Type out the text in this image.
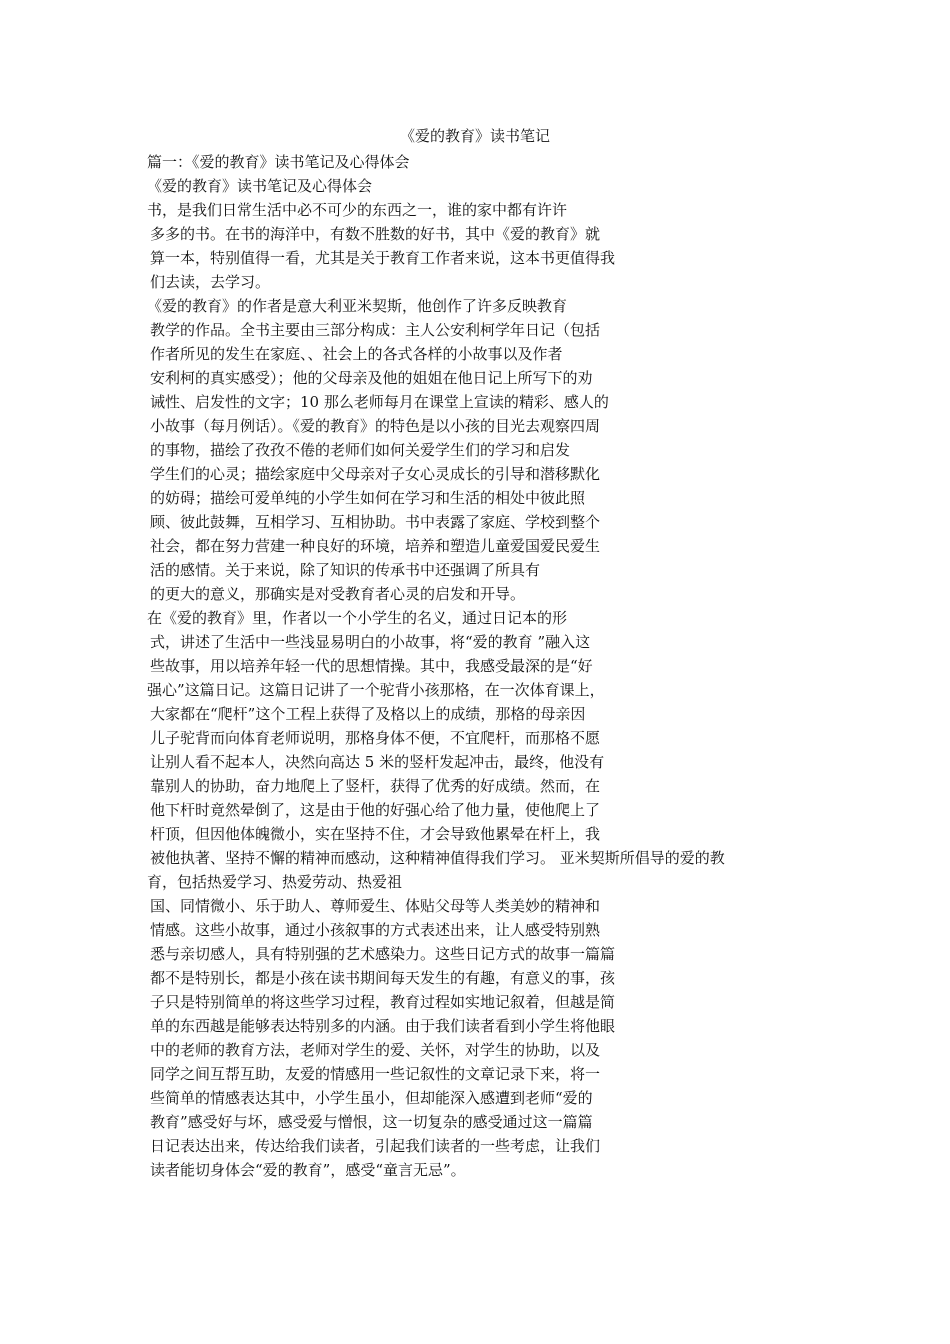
《爱的教育》读书笔记
篇一：《爱的教育》读书笔记及心得体会
《爱的教育》读书笔记及心得体会
书，是我们日常生活中必不可少的东西之一，谁的家中都有许许
多多的书。在书的海洋中，有数不胜数的好书，其中《爱的教育》就
算一本，特别值得一看，尤其是关于教育工作者来说，这本书更值得我
们去读，去学习。
《爱的教育》的作者是意大利亚米契斯，他创作了许多反映教育
教学的作品。全书主要由三部分构成：主人公安利柯学年日记（包括
作者所见的发生在家庭、、社会上的各式各样的小故事以及作者
安利柯的真实感受）；他的父母亲及他的姐姐在他日记上所写下的劝
诫性、启发性的文字；10 那么老师每月在课堂上宣读的精彩、感人的
小故事（每月例话）。《爱的教育》的特色是以小孩的目光去观察四周
的事物，描绘了孜孜不倦的老师们如何关爱学生们的学习和启发
学生们的心灵；描绘家庭中父母亲对子女心灵成长的引导和潜移默化
的妨碍；描绘可爱单纯的小学生如何在学习和生活的相处中彼此照
顾、彼此鼓舞，互相学习、互相协助。书中表露了家庭、学校到整个
社会，都在努力营建一种良好的环境，培养和塑造儿童爱国爱民爱生
活的感情。关于来说，除了知识的传承书中还强调了所具有
的更大的意义，那确实是对受教育者心灵的启发和开导。
在《爱的教育》里，作者以一个小学生的名义，通过日记本的形
式，讲述了生活中一些浅显易明白的小故事，将“爱的教育 ”融入这
些故事，用以培养年轻一代的思想情操。其中，我感受最深的是“好
强心”这篇日记。这篇日记讲了一个驼背小孩那格，在一次体育课上，
大家都在“爬杆”这个工程上获得了及格以上的成绩，那格的母亲因
儿子驼背而向体育老师说明，那格身体不便，不宜爬杆，而那格不愿
让别人看不起本人，决然向高达 5 米的竖杆发起冲击，最终，他没有
靠别人的协助，奋力地爬上了竖杆，获得了优秀的好成绩。然而，在
他下杆时竟然晕倒了，这是由于他的好强心给了他力量，使他爬上了
杆顶，但因他体魄微小，实在坚持不住，才会导致他累晕在杆上，我
被他执著、坚持不懈的精神而感动，这种精神值得我们学习。 亚米契斯所倡导的爱的教
育，包括热爱学习、热爱劳动、热爱祖
国、同情微小、乐于助人、尊师爱生、体贴父母等人类美妙的精神和
情感。这些小故事，通过小孩叙事的方式表述出来，让人感受特别熟
悉与亲切感人，具有特别强的艺术感染力。这些日记方式的故事一篇篇
都不是特别长，都是小孩在读书期间每天发生的有趣，有意义的事，孩
子只是特别简单的将这些学习过程，教育过程如实地记叙着，但越是简
单的东西越是能够表达特别多的内涵。由于我们读者看到小学生将他眼
中的老师的教育方法，老师对学生的爱、关怀，对学生的协助，以及
同学之间互帮互助，友爱的情感用一些记叙性的文章记录下来，将一
些简单的情感表达其中，小学生虽小，但却能深入感遭到老师“爱的
教育”感受好与坏，感受爱与憎恨，这一切复杂的感受通过这一篇篇
日记表达出来，传达给我们读者，引起我们读者的一些考虑，让我们
读者能切身体会“爱的教育”，感受“童言无忌”。
